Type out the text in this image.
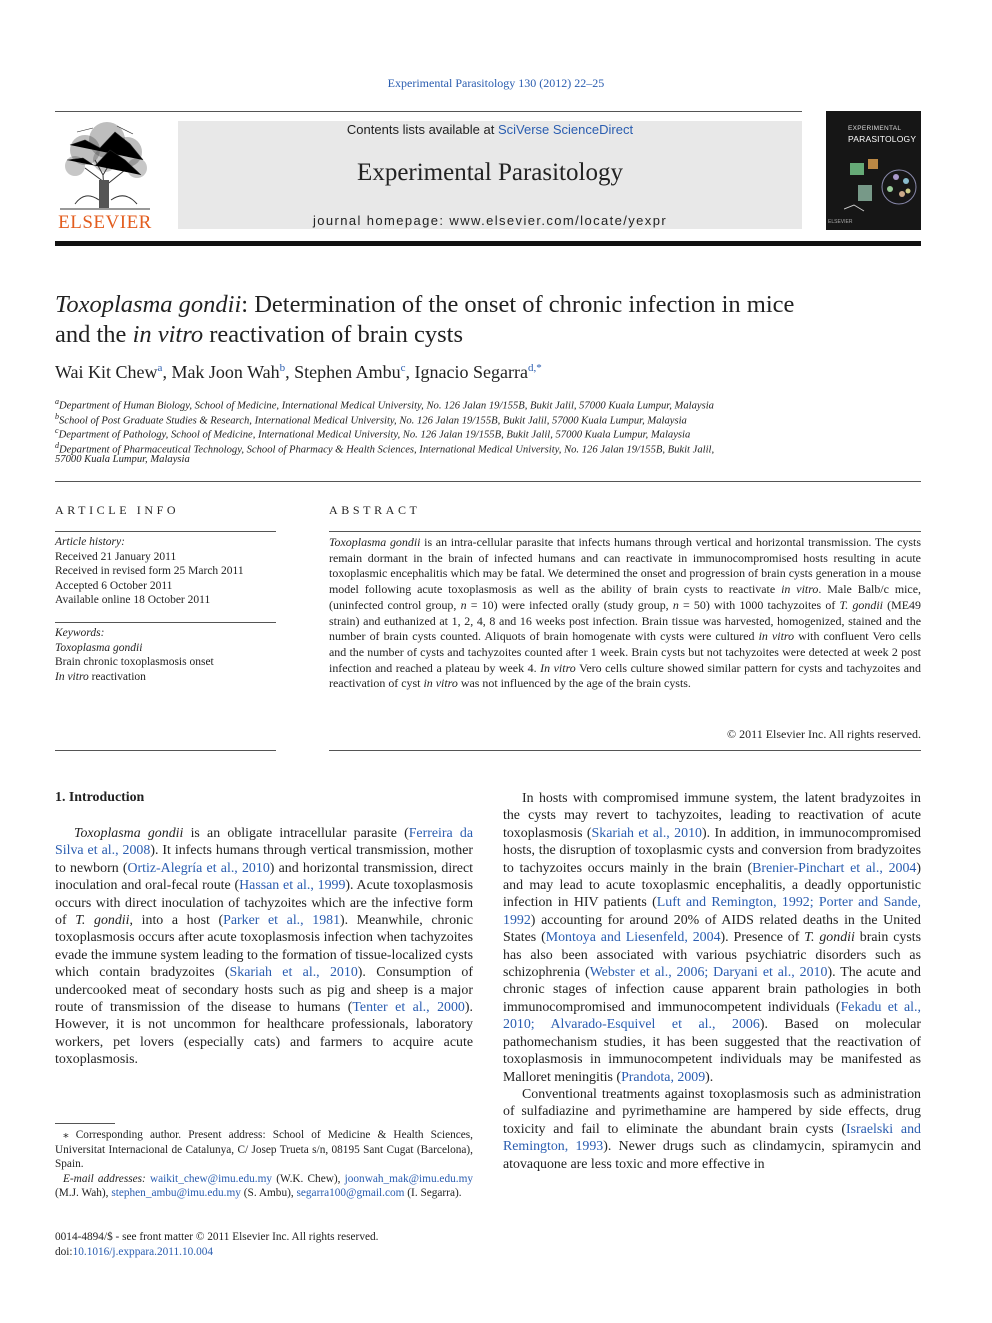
Experimental Parasitology 130 (2012) 22–25
ELSEVIER
Contents lists available at SciVerse ScienceDirect
Experimental Parasitology
journal homepage: www.elsevier.com/locate/yexpr
EXPERIMENTAL
PARASITOLOGY
ELSEVIER
Toxoplasma gondii: Determination of the onset of chronic infection in mice
and the in vitro reactivation of brain cysts
Wai Kit Chew$^a$, Mak Joon Wah$^b$, Stephen Ambu$^c$, Ignacio Segarra$^{d,*}$
$^a$Department of Human Biology, School of Medicine, International Medical University, No. 126 Jalan 19/155B, Bukit Jalil, 57000 Kuala Lumpur, Malaysia
$^b$School of Post Graduate Studies & Research, International Medical University, No. 126 Jalan 19/155B, Bukit Jalil, 57000 Kuala Lumpur, Malaysia
$^c$Department of Pathology, School of Medicine, International Medical University, No. 126 Jalan 19/155B, Bukit Jalil, 57000 Kuala Lumpur, Malaysia
$^d$Department of Pharmaceutical Technology, School of Pharmacy & Health Sciences, International Medical University, No. 126 Jalan 19/155B, Bukit Jalil,
57000 Kuala Lumpur, Malaysia
ARTICLE INFO
Article history:
Received 21 January 2011
Received in revised form 25 March 2011
Accepted 6 October 2011
Available online 18 October 2011
Keywords:
Toxoplasma gondii
Brain chronic toxoplasmosis onset
In vitro reactivation
ABSTRACT
Toxoplasma gondii is an intra-cellular parasite that infects humans through vertical and horizontal transmission. The cysts remain dormant in the brain of infected humans and can reactivate in immunocompromised hosts resulting in acute toxoplasmic encephalitis which may be fatal. We determined the onset and progression of brain cysts generation in a mouse model following acute toxoplasmosis as well as the ability of brain cysts to reactivate in vitro. Male Balb/c mice, (uninfected control group, n = 10) were infected orally (study group, n = 50) with 1000 tachyzoites of T. gondii (ME49 strain) and euthanized at 1, 2, 4, 8 and 16 weeks post infection. Brain tissue was harvested, homogenized, stained and the number of brain cysts counted. Aliquots of brain homogenate with cysts were cultured in vitro with confluent Vero cells and the number of cysts and tachyzoites counted after 1 week. Brain cysts but not tachyzoites were detected at week 2 post infection and reached a plateau by week 4. In vitro Vero cells culture showed similar pattern for cysts and tachyzoites and reactivation of cyst in vitro was not influenced by the age of the brain cysts.
© 2011 Elsevier Inc. All rights reserved.
1. Introduction

Toxoplasma gondii is an obligate intracellular parasite (Ferreira da Silva et al., 2008). It infects humans through vertical transmission, mother to newborn (Ortiz-Alegría et al., 2010) and horizontal transmission, direct inoculation and oral-fecal route (Hassan et al., 1999). Acute toxoplasmosis occurs with direct inoculation of tachyzoites which are the infective form of T. gondii, into a host (Parker et al., 1981). Meanwhile, chronic toxoplasmosis occurs after acute toxoplasmosis infection when tachyzoites evade the immune system leading to the formation of tissue-localized cysts which contain bradyzoites (Skariah et al., 2010). Consumption of undercooked meat of secondary hosts such as pig and sheep is a major route of transmission of the disease to humans (Tenter et al., 2000). However, it is not uncommon for healthcare professionals, laboratory workers, pet lovers (especially cats) and farmers to acquire acute toxoplasmosis.

In hosts with compromised immune system, the latent bradyzoites in the cysts may revert to tachyzoites, leading to reactivation of acute toxoplasmosis (Skariah et al., 2010). In addition, in immunocompromised hosts, the disruption of toxoplasmic cysts and conversion from bradyzoites to tachyzoites occurs mainly in the brain (Brenier-Pinchart et al., 2004) and may lead to acute toxoplasmic encephalitis, a deadly opportunistic infection in HIV patients (Luft and Remington, 1992; Porter and Sande, 1992) accounting for around 20% of AIDS related deaths in the United States (Montoya and Liesenfeld, 2004). Presence of T. gondii brain cysts has also been associated with various psychiatric disorders such as schizophrenia (Webster et al., 2006; Daryani et al., 2010). The acute and chronic stages of infection cause apparent brain pathologies in both immunocompromised and immunocompetent individuals (Fekadu et al., 2010; Alvarado-Esquivel et al., 2006). Based on molecular pathomechanism studies, it has been suggested that the reactivation of toxoplasmosis in immunocompetent individuals may be manifested as Malloret meningitis (Prandota, 2009).

Conventional treatments against toxoplasmosis such as administration of sulfadiazine and pyrimethamine are hampered by side effects, drug toxicity and fail to eliminate the abundant brain cysts (Israelski and Remington, 1993). Newer drugs such as clindamycin, spiramycin and atovaquone are less toxic and more effective in

⁎ Corresponding author. Present address: School of Medicine & Health Sciences, Universitat Internacional de Catalunya, C/ Josep Trueta s/n, 08195 Sant Cugat (Barcelona), Spain.
E-mail addresses: waikit_chew@imu.edu.my (W.K. Chew), joonwah_mak@imu.edu.my (M.J. Wah), stephen_ambu@imu.edu.my (S. Ambu), segarra100@gmail.com (I. Segarra).
0014-4894/$ - see front matter © 2011 Elsevier Inc. All rights reserved.
doi:10.1016/j.exppara.2011.10.004
